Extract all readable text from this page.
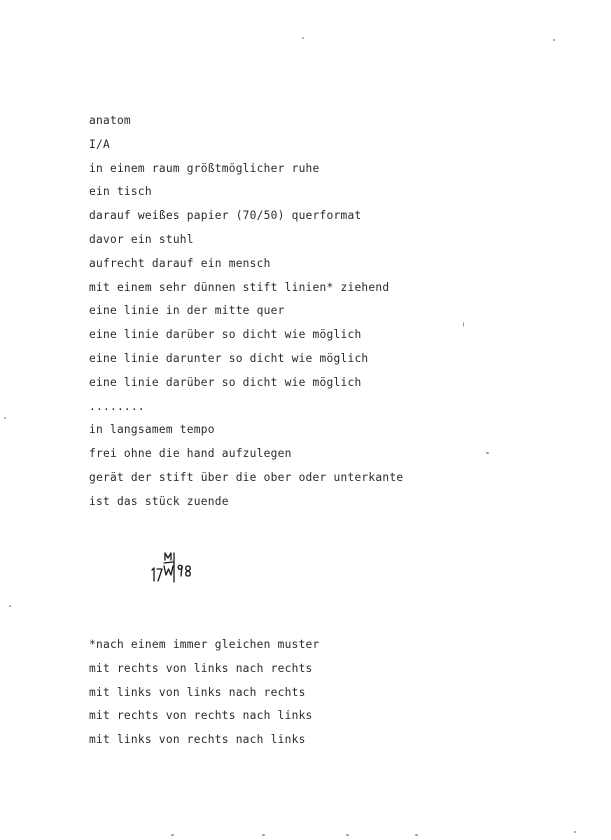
anatom
I/A
in einem raum größtmöglicher ruhe
ein tisch
darauf weißes papier (70/50) querformat
davor ein stuhl
aufrecht darauf ein mensch
mit einem sehr dünnen stift linien* ziehend
eine linie in der mitte quer
eine linie darüber so dicht wie möglich
eine linie darunter so dicht wie möglich
eine linie darüber so dicht wie möglich
........
in langsamem tempo
frei ohne die hand aufzulegen
gerät der stift über die ober oder unterkante
ist das stück zuende
*nach einem immer gleichen muster
mit rechts von links nach rechts
mit links von links nach rechts
mit rechts von rechts nach links
mit links von rechts nach links
